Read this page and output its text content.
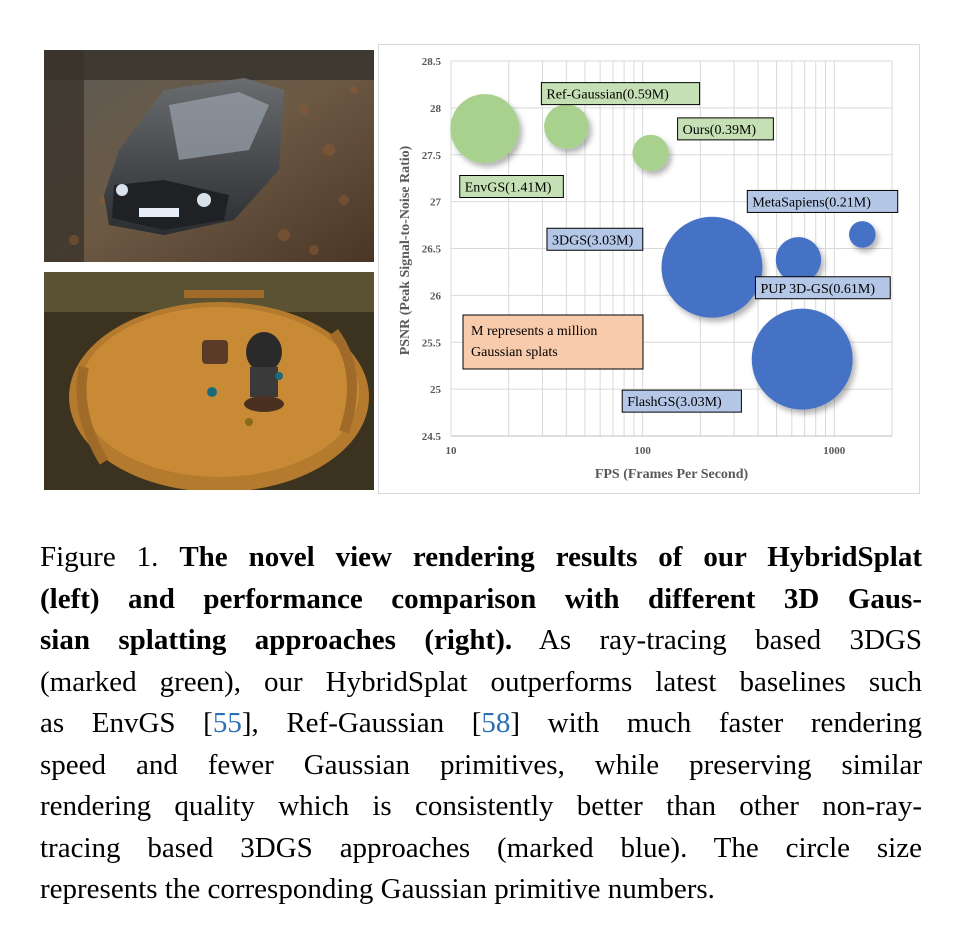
24.5
25
25.5
26
26.5
27
27.5
28
28.5
10	100	1000
FPS (Frames Per Second)
PSNR (Peak Signal-to-Noise Ratio)	EnvGS(1.41M)
Ref-Gaussian(0.59M)
Ours(0.39M)
MetaSapiens(0.21M)
3DGS(3.03M)
PUP 3D-GS(0.61M)
FlashGS(3.03M)
M represents a million
Gaussian splats
Figure 1. The novel view rendering results of our HybridSplat
(left) and performance comparison with different 3D Gaus-
sian splatting approaches (right). As ray-tracing based 3DGS
(marked green), our HybridSplat outperforms latest baselines such
as EnvGS [55], Ref-Gaussian [58] with much faster rendering
speed and fewer Gaussian primitives, while preserving similar
rendering quality which is consistently better than other non-ray-
tracing based 3DGS approaches (marked blue). The circle size
represents the corresponding Gaussian primitive numbers.
